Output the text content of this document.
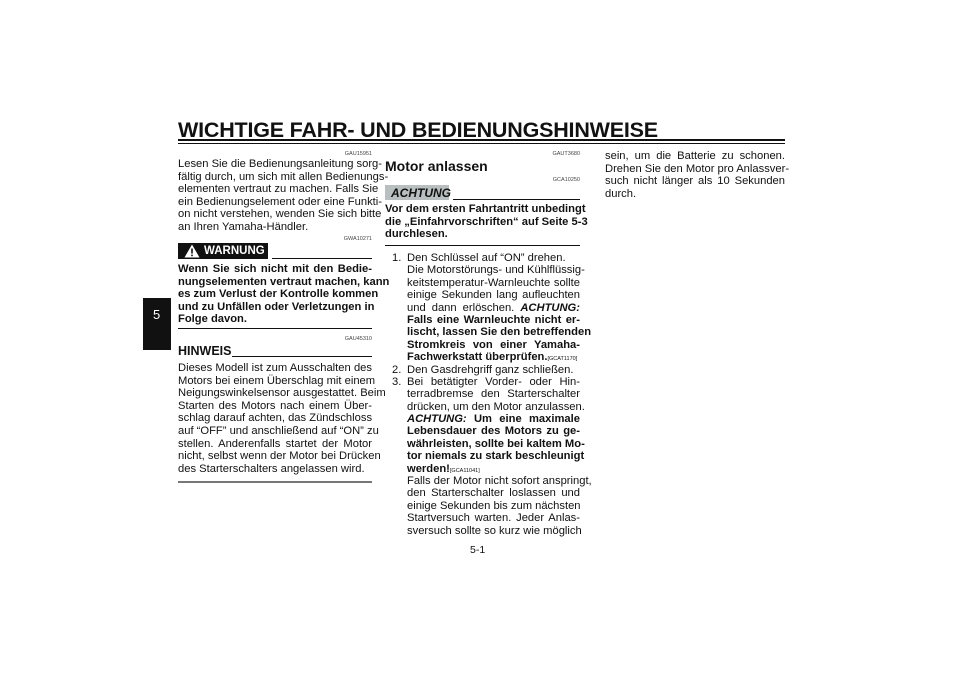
WICHTIGE FAHR- UND BEDIENUNGSHINWEISE
5
GAU15951
Lesen Sie die Bedienungsanleitung sorg-
fältig durch, um sich mit allen Bedienungs-
elementen vertraut zu machen. Falls Sie
ein Bedienungselement oder eine Funkti-
on nicht verstehen, wenden Sie sich bitte
an Ihren Yamaha-Händler.
GWA10271
WARNUNG
Wenn Sie sich nicht mit den Bedie-
nungselementen vertraut machen, kann
es zum Verlust der Kontrolle kommen
und zu Unfällen oder Verletzungen in
Folge davon.
GAU45310
HINWEIS
Dieses Modell ist zum Ausschalten des
Motors bei einem Überschlag mit einem
Neigungswinkelsensor ausgestattet. Beim
Starten des Motors nach einem Über-
schlag darauf achten, das Zündschloss
auf “OFF” und anschließend auf “ON” zu
stellen. Anderenfalls startet der Motor
nicht, selbst wenn der Motor bei Drücken
des Starterschalters angelassen wird.
GAUT3680
Motor anlassen
GCA10250
ACHTUNG
Vor dem ersten Fahrtantritt unbedingt
die „Einfahrvorschriften“ auf Seite 5-3
durchlesen.
1. Den Schlüssel auf “ON” drehen.
Die Motorstörungs- und Kühlflüssig-
keitstemperatur-Warnleuchte sollte
einige Sekunden lang aufleuchten
und dann erlöschen. ACHTUNG:
Falls eine Warnleuchte nicht er-
lischt, lassen Sie den betreffenden
Stromkreis von einer Yamaha-
Fachwerkstatt überprüfen.[GCAT1170]
2. Den Gasdrehgriff ganz schließen.
3. Bei betätigter Vorder- oder Hin-
terradbremse den Starterschalter
drücken, um den Motor anzulassen.
ACHTUNG: Um eine maximale
Lebensdauer des Motors zu ge-
währleisten, sollte bei kaltem Mo-
tor niemals zu stark beschleunigt
werden![GCA11041]
Falls der Motor nicht sofort anspringt,
den Starterschalter loslassen und
einige Sekunden bis zum nächsten
Startversuch warten. Jeder Anlas-
sversuch sollte so kurz wie möglich
5-1
sein, um die Batterie zu schonen.
Drehen Sie den Motor pro Anlassver-
such nicht länger als 10 Sekunden
durch.
